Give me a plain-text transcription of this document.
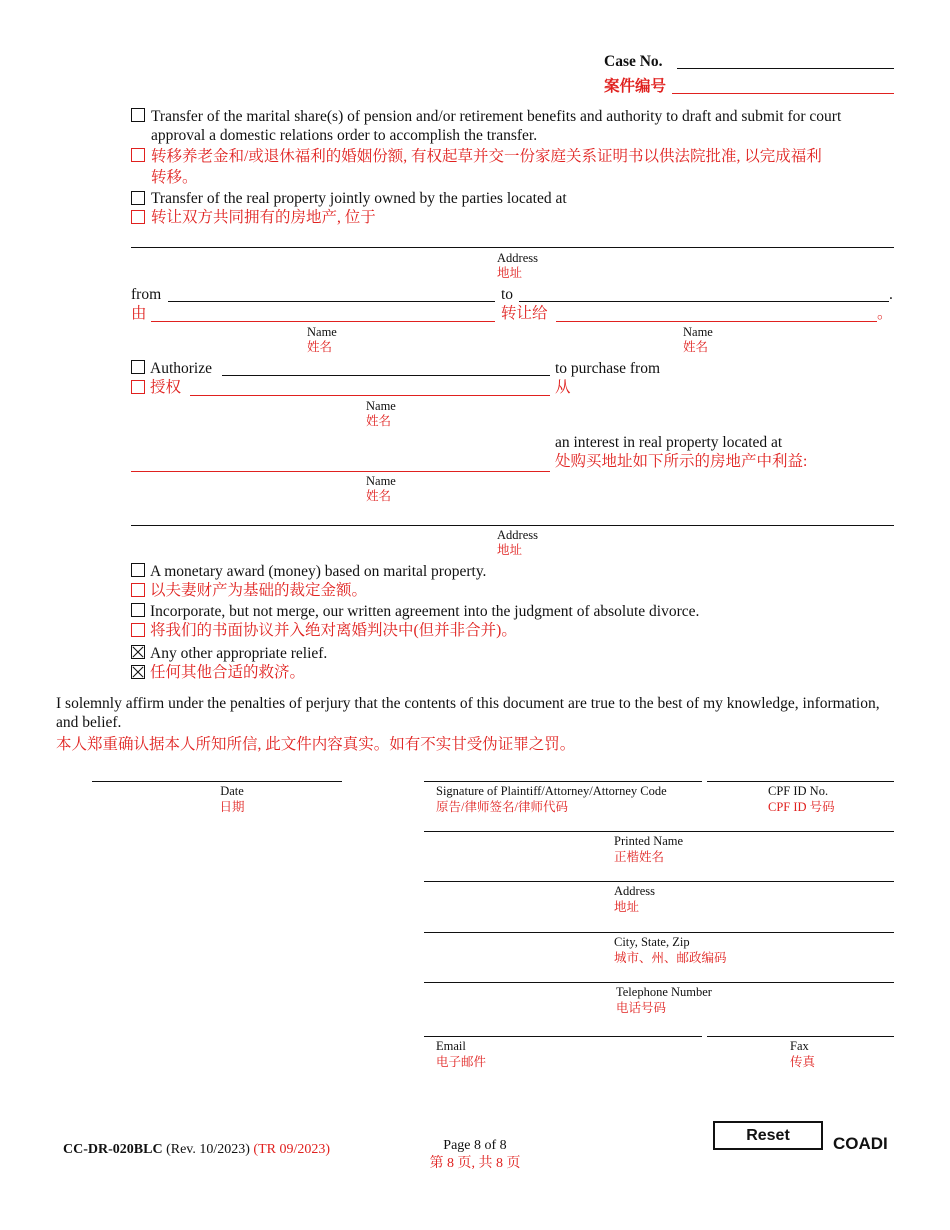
Case No.
案件编号
Transfer of the marital share(s) of pension and/or retirement benefits and authority to draft and submit for court approval a domestic relations order to accomplish the transfer.
转移养老金和/或退休福利的婚姻份额, 有权起草并交一份家庭关系证明书以供法院批准, 以完成福利
转移。
Transfer of the real property jointly owned by the parties located at
转让双方共同拥有的房地产, 位于
Address
地址
from	to	.
由	转让给	。
Name
姓名
Name
姓名
Authorize	to purchase from
授权	从
Name
姓名
an interest in real property located at
处购买地址如下所示的房地产中利益:
Name
姓名
Address
地址
A monetary award (money) based on marital property.
以夫妻财产为基础的裁定金额。
Incorporate, but not merge, our written agreement into the judgment of absolute divorce.
将我们的书面协议并入绝对离婚判决中(但并非合并)。
Any other appropriate relief.
任何其他合适的救济。
I solemnly affirm under the penalties of perjury that the contents of this document are true to the best of my knowledge, information, and belief.
本人郑重确认据本人所知所信, 此文件内容真实。如有不实甘受伪证罪之罚。
Date
日期
Signature of Plaintiff/Attorney/Attorney Code
原告/律师签名/律师代码
CPF ID No.
CPF ID 号码
Printed Name
正楷姓名
Address
地址
City, State, Zip
城市、州、邮政编码
Telephone Number
电话号码
Email
电子邮件
Fax
传真
CC-DR-020BLC (Rev. 10/2023) (TR 09/2023)	Page 8 of 8
第 8 页, 共 8 页
Reset	COADI
